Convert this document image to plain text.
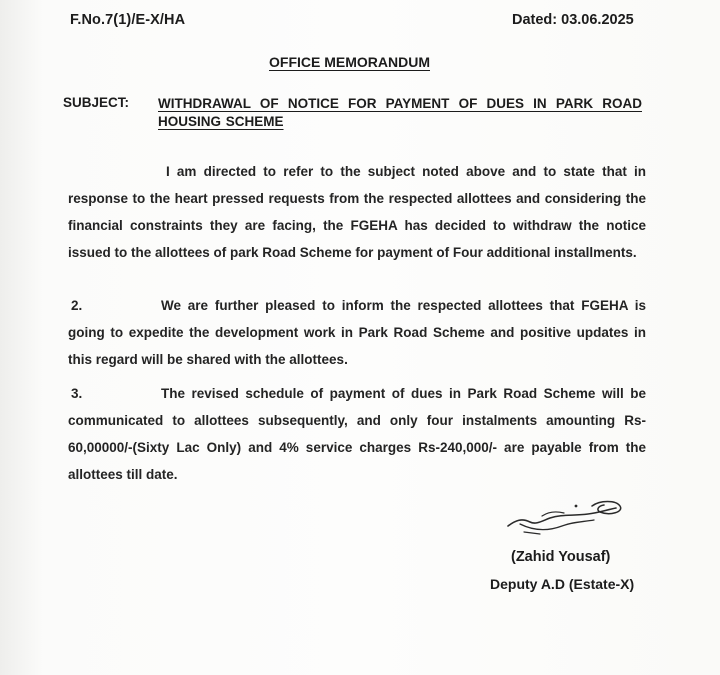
F.No.7(1)/E-X/HA	Dated: 03.06.2025
OFFICE MEMORANDUM
SUBJECT: WITHDRAWAL OF NOTICE FOR PAYMENT OF DUES IN PARK ROAD HOUSING SCHEME
I am directed to refer to the subject noted above and to state that in response to the heart pressed requests from the respected allottees and considering the financial constraints they are facing, the FGEHA has decided to withdraw the notice issued to the allottees of park Road Scheme for payment of Four additional installments.
2.	We are further pleased to inform the respected allottees that FGEHA is going to expedite the development work in Park Road Scheme and positive updates in this regard will be shared with the allottees.
3.	The revised schedule of payment of dues in Park Road Scheme will be communicated to allottees subsequently, and only four instalments amounting Rs-60,00000/-(Sixty Lac Only) and 4% service charges Rs-240,000/- are payable from the allottees till date.
(Zahid Yousaf)
Deputy A.D (Estate-X)
